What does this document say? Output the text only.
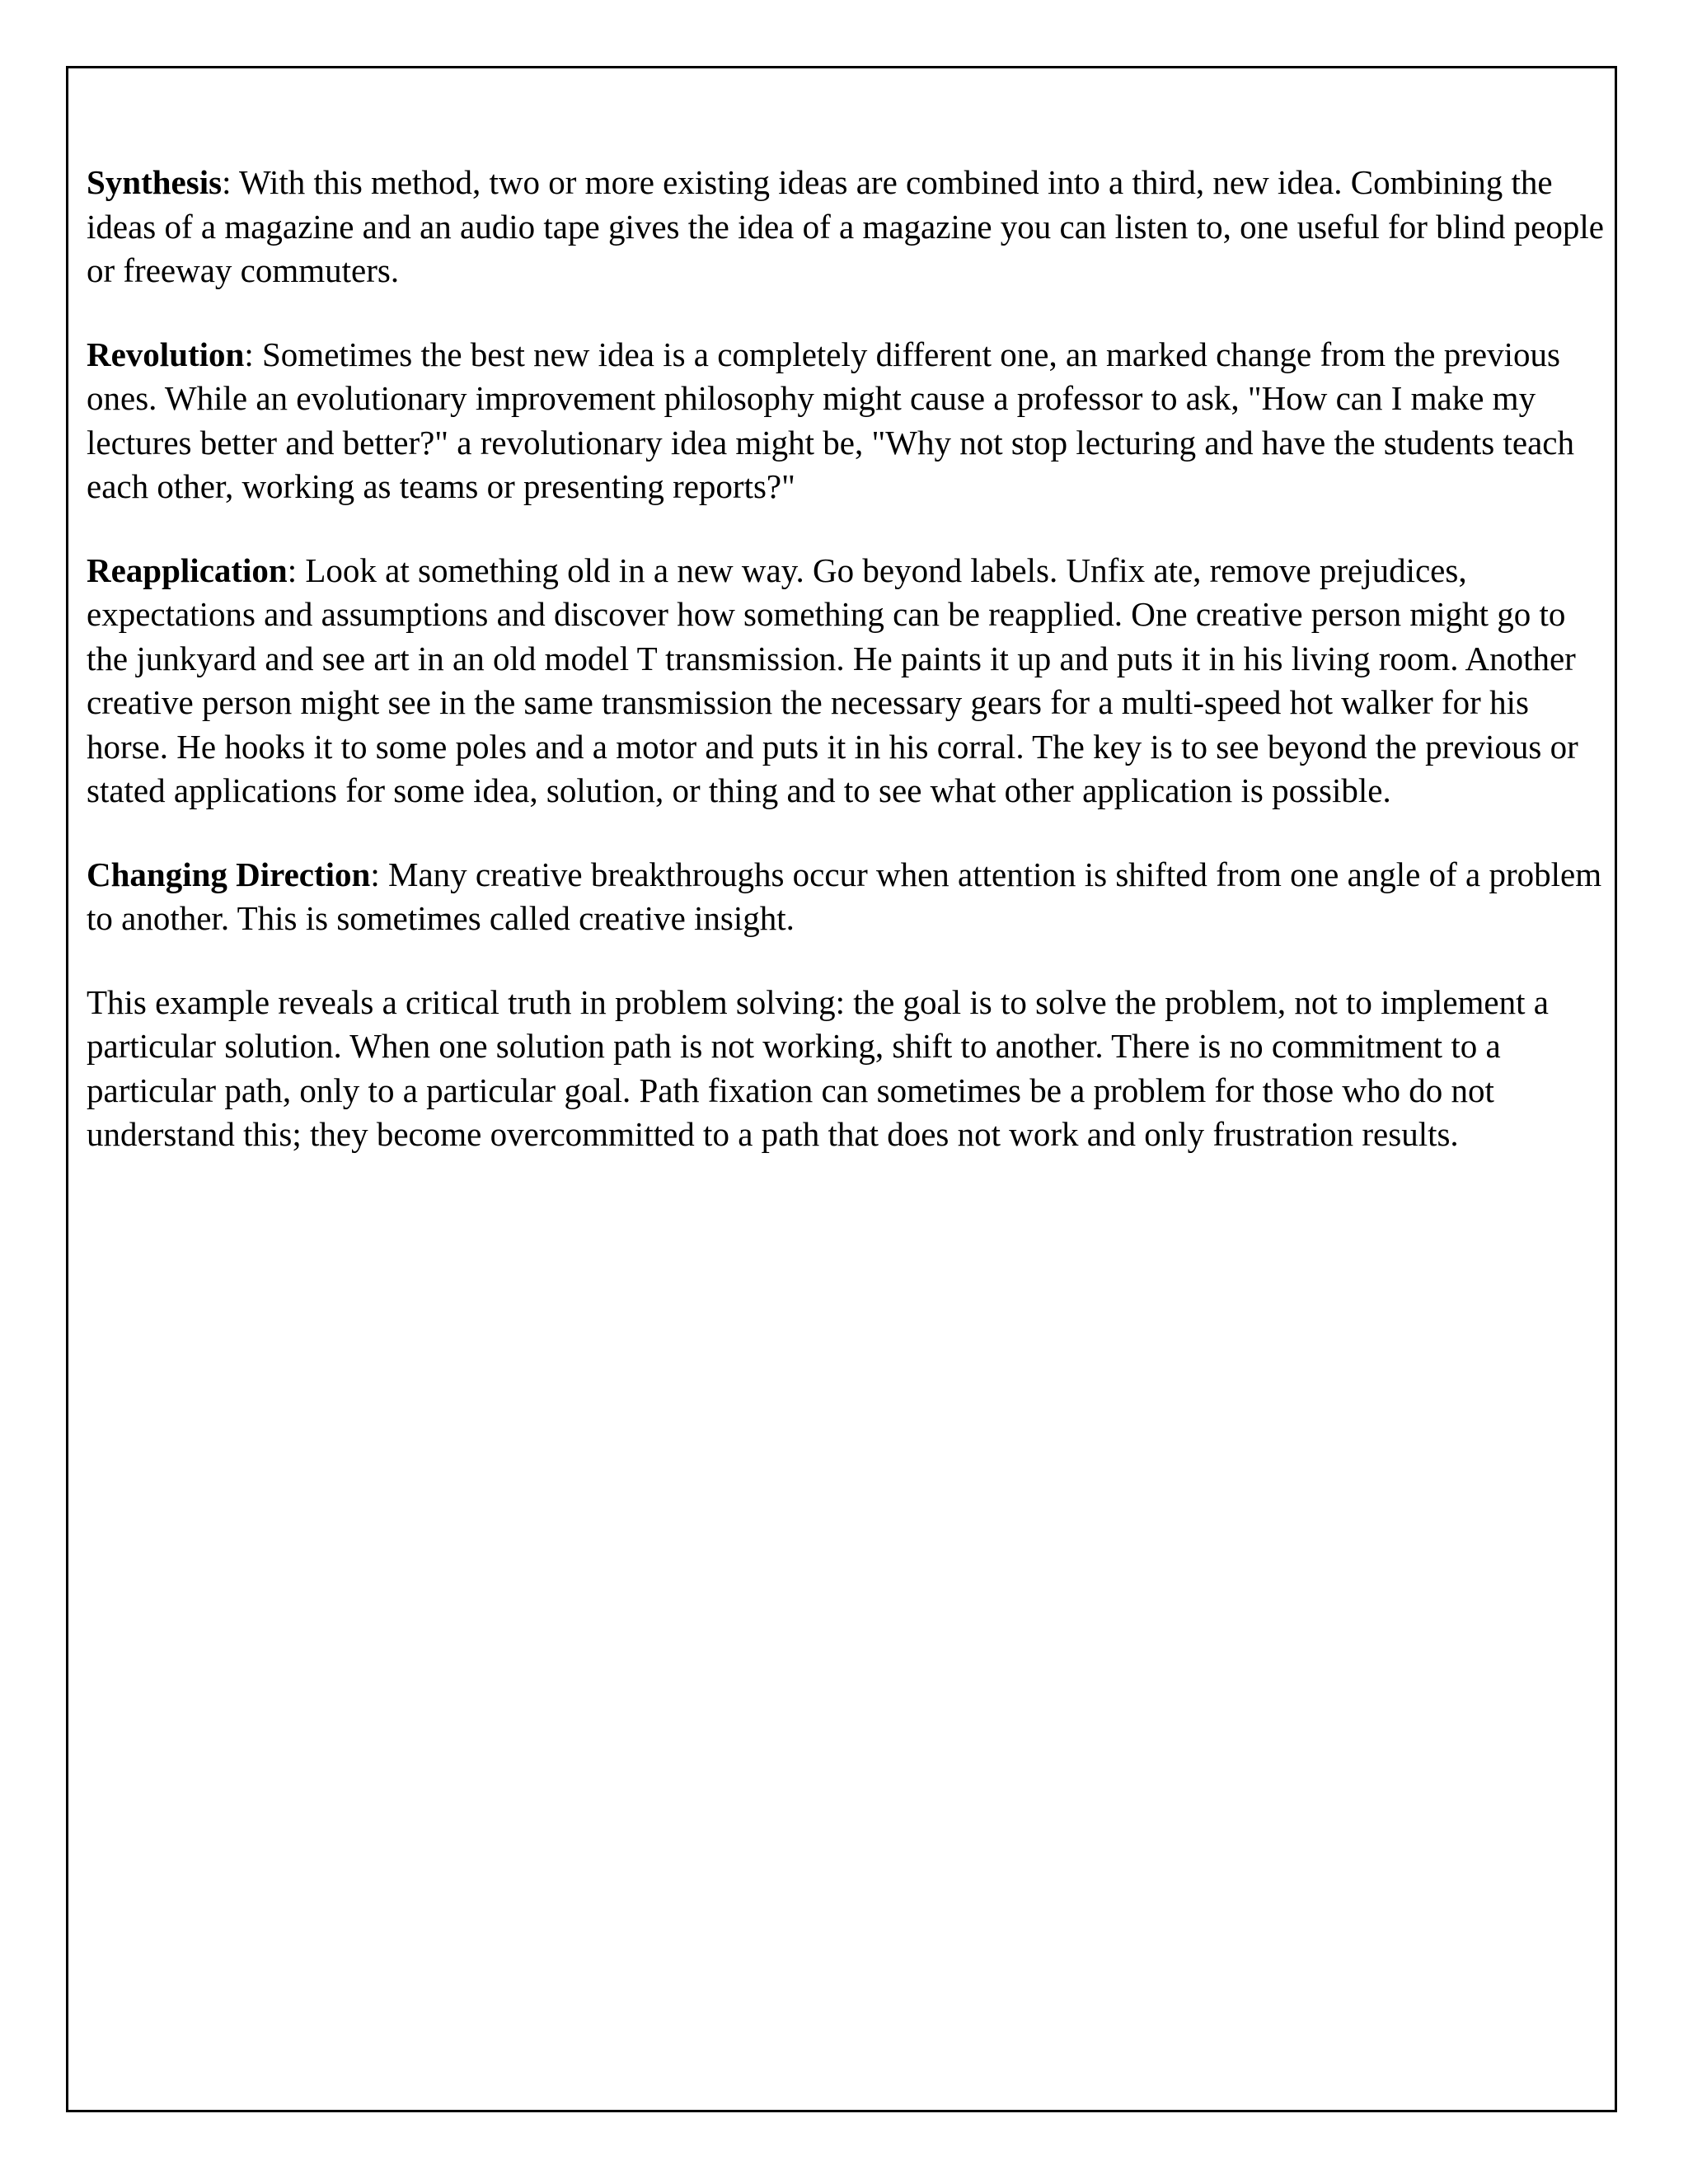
Synthesis: With this method, two or more existing ideas are combined into a third, new idea. Combining the ideas of a magazine and an audio tape gives the idea of a magazine you can listen to, one useful for blind people or freeway commuters.

Revolution: Sometimes the best new idea is a completely different one, an marked change from the previous ones. While an evolutionary improvement philosophy might cause a professor to ask, "How can I make my lectures better and better?" a revolutionary idea might be, "Why not stop lecturing and have the students teach each other, working as teams or presenting reports?"

Reapplication: Look at something old in a new way. Go beyond labels. Unfix ate, remove prejudices, expectations and assumptions and discover how something can be reapplied. One creative person might go to the junkyard and see art in an old model T transmission. He paints it up and puts it in his living room. Another creative person might see in the same transmission the necessary gears for a multi-speed hot walker for his horse. He hooks it to some poles and a motor and puts it in his corral. The key is to see beyond the previous or stated applications for some idea, solution, or thing and to see what other application is possible.

Changing Direction: Many creative breakthroughs occur when attention is shifted from one angle of a problem to another. This is sometimes called creative insight.

This example reveals a critical truth in problem solving: the goal is to solve the problem, not to implement a particular solution. When one solution path is not working, shift to another. There is no commitment to a particular path, only to a particular goal. Path fixation can sometimes be a problem for those who do not understand this; they become overcommitted to a path that does not work and only frustration results.
